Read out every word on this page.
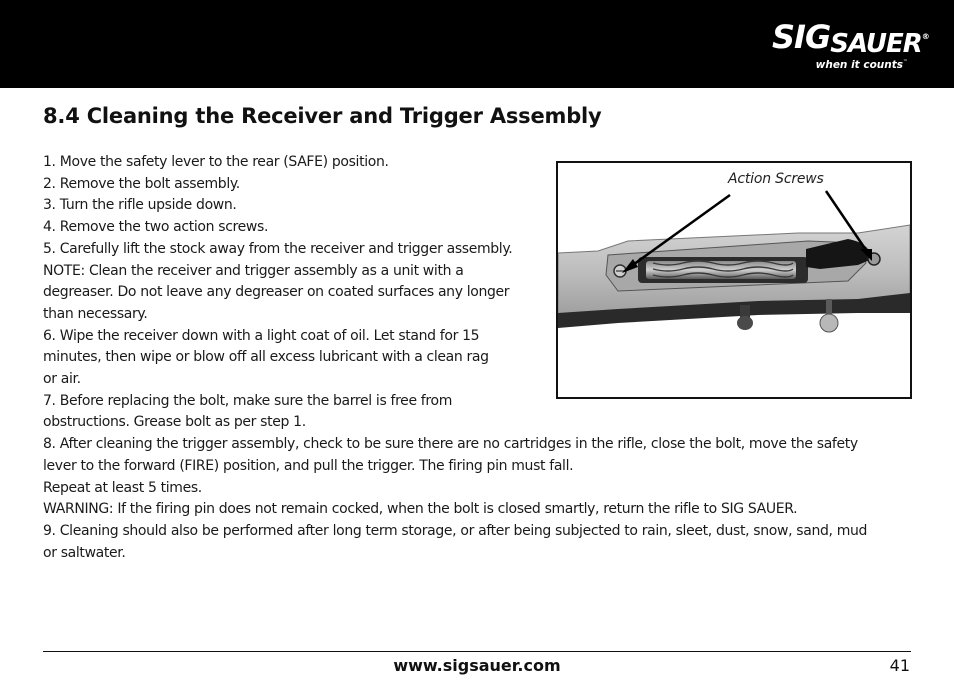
SIGSAUER®
when it counts™
8.4 Cleaning the Receiver and Trigger Assembly
1. Move the safety lever to the rear (SAFE) position.
2. Remove the bolt assembly.
3. Turn the rifle upside down.
4. Remove the two action screws.
5. Carefully lift the stock away from the receiver and trigger assembly.
NOTE: Clean the receiver and trigger assembly as a unit with a
degreaser. Do not leave any degreaser on coated surfaces any longer
than necessary.
6. Wipe the receiver down with a light coat of oil. Let stand for 15
minutes, then wipe or blow off all excess lubricant with a clean rag
or air.
7. Before replacing the bolt, make sure the barrel is free from
obstructions. Grease bolt as per step 1.
8. After cleaning the trigger assembly, check to be sure there are no cartridges in the rifle, close the bolt, move the safety
lever to the forward (FIRE) position, and pull the trigger. The firing pin must fall.
Repeat at least 5 times.
WARNING: If the firing pin does not remain cocked, when the bolt is closed smartly, return the rifle to SIG SAUER.
9. Cleaning should also be performed after long term storage, or after being subjected to rain, sleet, dust, snow, sand, mud
or saltwater.
Action Screws
www.sigsauer.com	41
